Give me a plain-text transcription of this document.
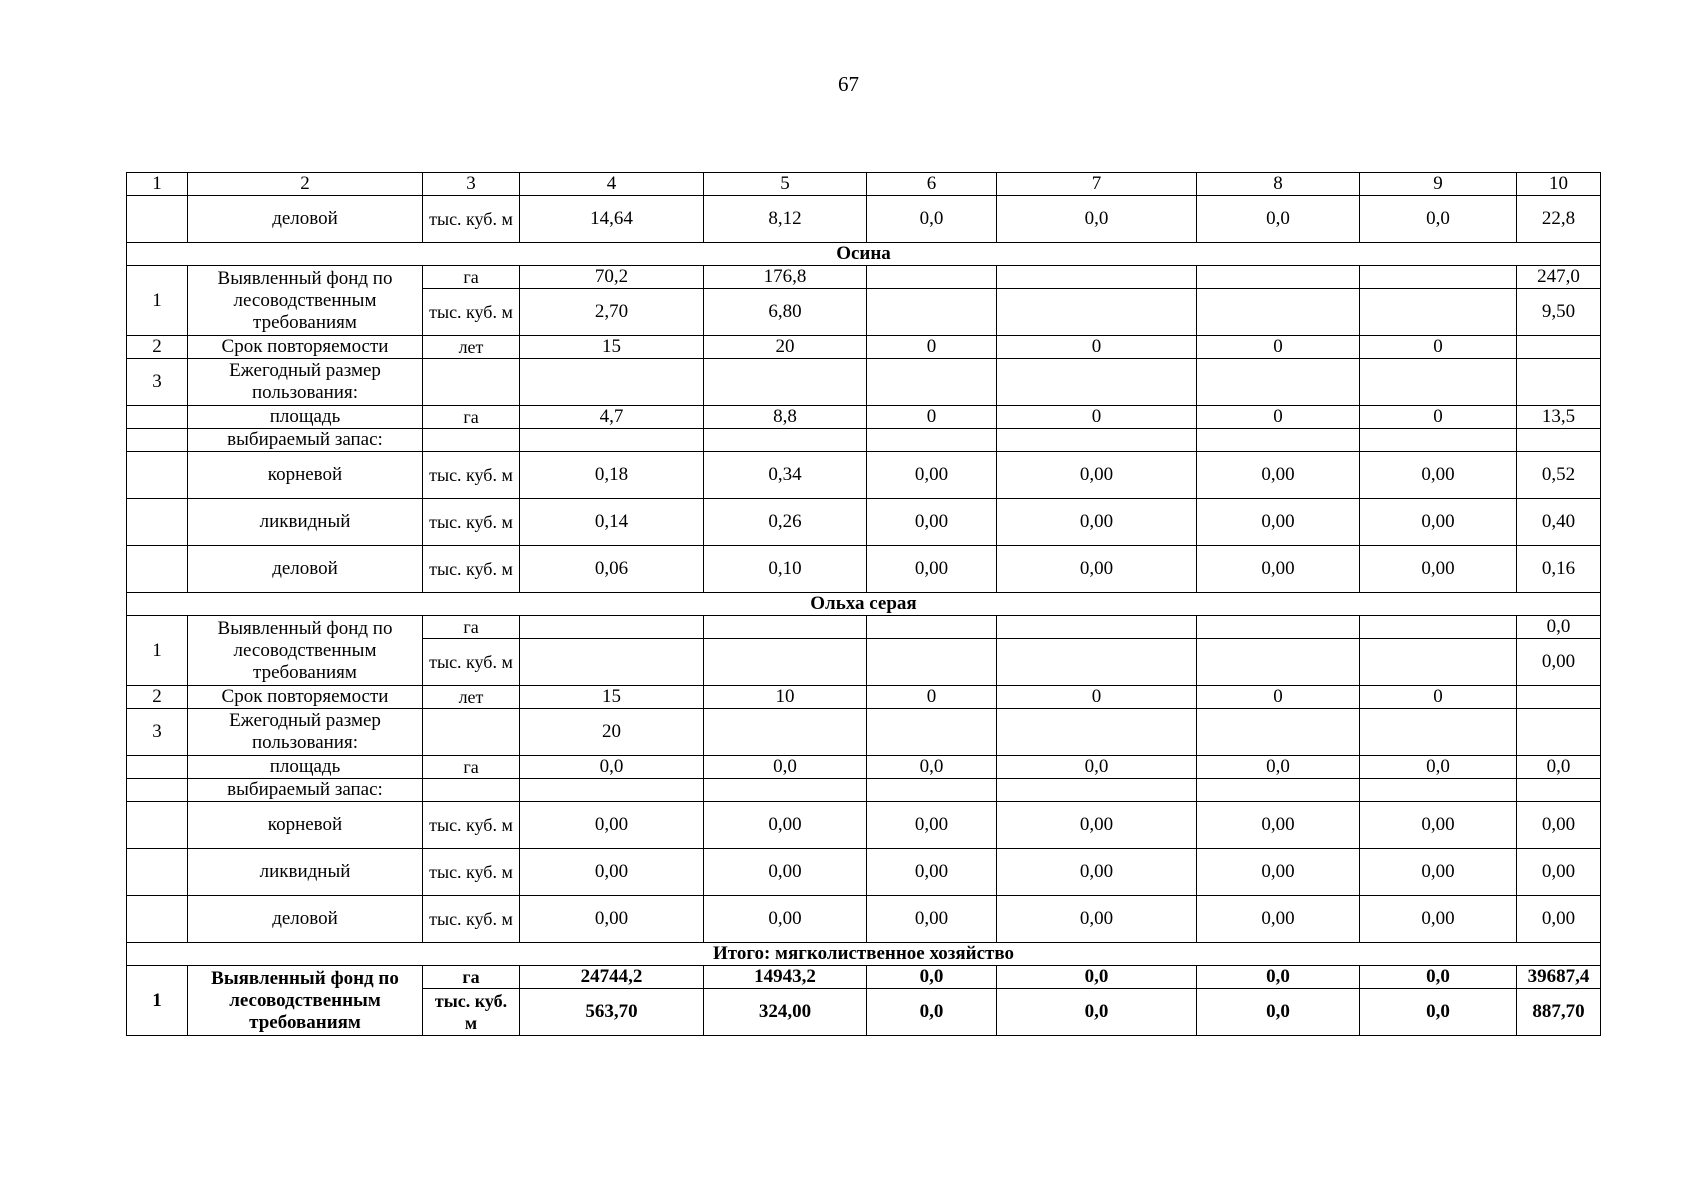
67
1	2	3	4	5	6	7	8	9	10
	деловой	тыс. куб. м	14,64	8,12	0,0	0,0	0,0	0,0	22,8
Осина									
1	Выявленный фонд по лесоводственным требованиям	га	70,2	176,8					247,0
		тыс. куб. м	2,70	6,80					9,50
2	Срок повторяемости	лет	15	20	0	0	0	0	
3	Ежегодный размер пользования:								
	площадь	га	4,7	8,8	0	0	0	0	13,5
	выбираемый запас:								
	корневой	тыс. куб. м	0,18	0,34	0,00	0,00	0,00	0,00	0,52
	ликвидный	тыс. куб. м	0,14	0,26	0,00	0,00	0,00	0,00	0,40
	деловой	тыс. куб. м	0,06	0,10	0,00	0,00	0,00	0,00	0,16
Ольха серая									
1	Выявленный фонд по лесоводственным требованиям	га							0,0
		тыс. куб. м							0,00
2	Срок повторяемости	лет	15	10	0	0	0	0	
3	Ежегодный размер пользования:		20						
	площадь	га	0,0	0,0	0,0	0,0	0,0	0,0	0,0
	выбираемый запас:								
	корневой	тыс. куб. м	0,00	0,00	0,00	0,00	0,00	0,00	0,00
	ликвидный	тыс. куб. м	0,00	0,00	0,00	0,00	0,00	0,00	0,00
	деловой	тыс. куб. м	0,00	0,00	0,00	0,00	0,00	0,00	0,00
Итого: мягколиственное хозяйство									
1	Выявленный фонд по лесоводственным требованиям	га	24744,2	14943,2	0,0	0,0	0,0	0,0	39687,4
		тыс. куб. м	563,70	324,00	0,0	0,0	0,0	0,0	887,70
